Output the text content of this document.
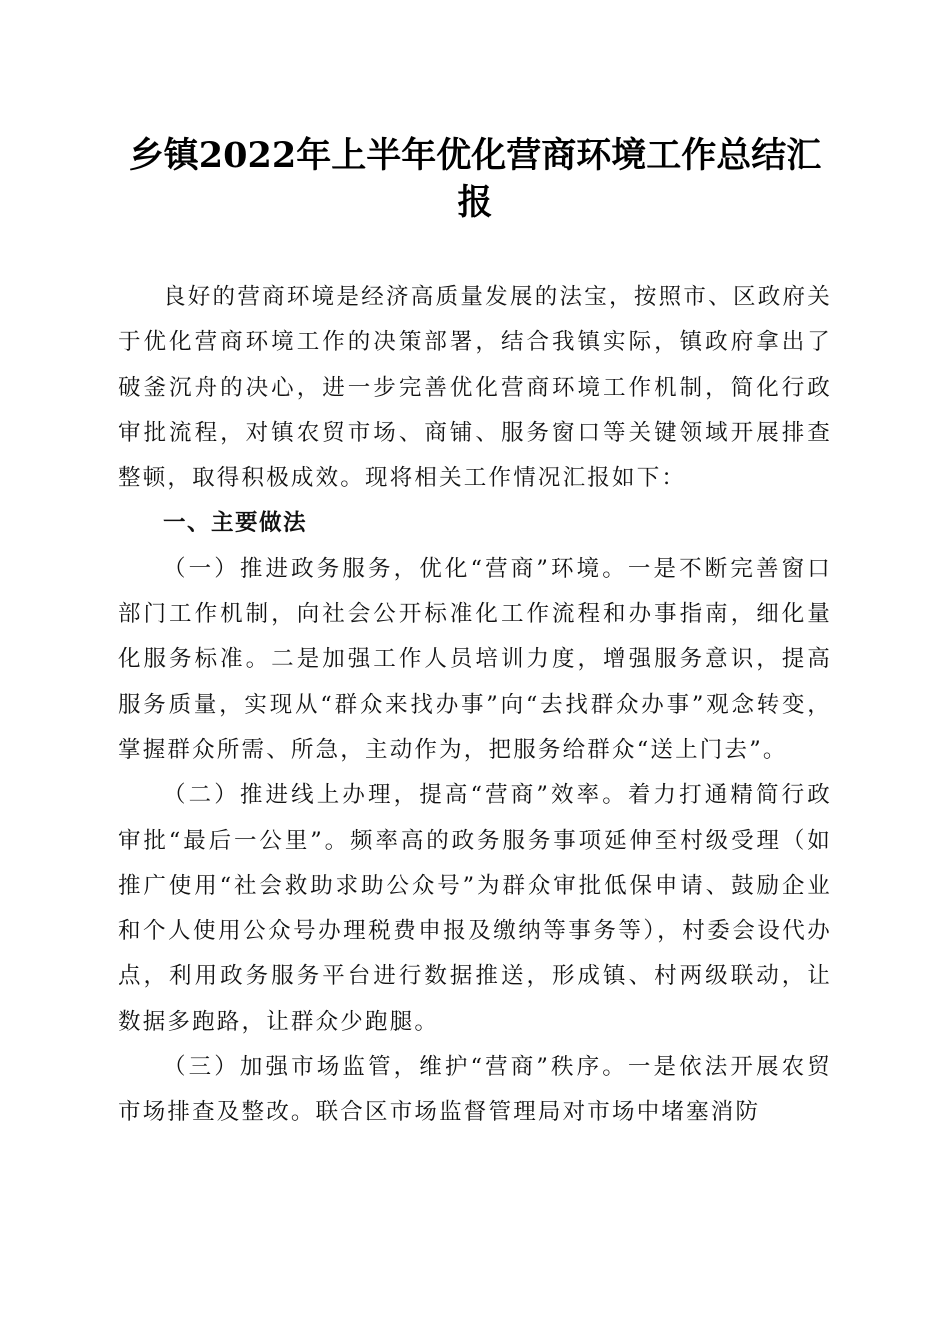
乡镇2022年上半年优化营商环境工作总结汇报

良好的营商环境是经济高质量发展的法宝，按照市、区政府关于优化营商环境工作的决策部署，结合我镇实际，镇政府拿出了破釜沉舟的决心，进一步完善优化营商环境工作机制，简化行政审批流程，对镇农贸市场、商铺、服务窗口等关键领域开展排查整顿，取得积极成效。现将相关工作情况汇报如下：

一、主要做法

（一）推进政务服务，优化“营商”环境。一是不断完善窗口部门工作机制，向社会公开标准化工作流程和办事指南，细化量化服务标准。二是加强工作人员培训力度，增强服务意识，提高服务质量，实现从“群众来找办事”向“去找群众办事”观念转变，掌握群众所需、所急，主动作为，把服务给群众“送上门去”。

（二）推进线上办理，提高“营商”效率。着力打通精简行政审批“最后一公里”。频率高的政务服务事项延伸至村级受理（如推广使用“社会救助求助公众号”为群众审批低保申请、鼓励企业和个人使用公众号办理税费申报及缴纳等事务等），村委会设代办点，利用政务服务平台进行数据推送，形成镇、村两级联动，让数据多跑路，让群众少跑腿。

（三）加强市场监管，维护“营商”秩序。一是依法开展农贸市场排查及整改。联合区市场监督管理局对市场中堵塞消防
